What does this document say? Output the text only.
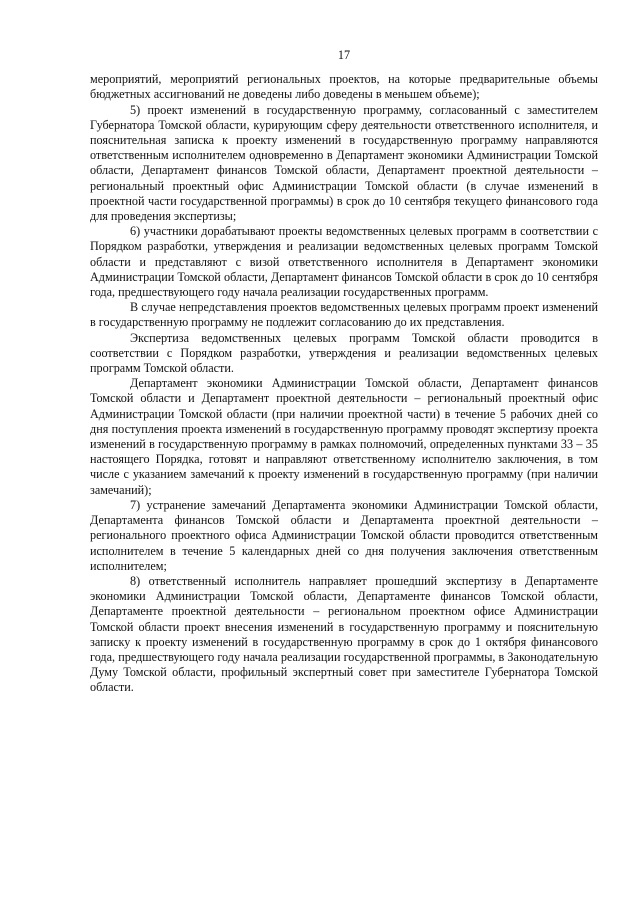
17

мероприятий, мероприятий региональных проектов, на которые предварительные объемы бюджетных ассигнований не доведены либо доведены в меньшем объеме);

5) проект изменений в государственную программу, согласованный с заместителем Губернатора Томской области, курирующим сферу деятельности ответственного исполнителя, и пояснительная записка к проекту изменений в государственную программу направляются ответственным исполнителем одновременно в Департамент экономики Администрации Томской области, Департамент финансов Томской области, Департамент проектной деятельности – региональный проектный офис Администрации Томской области (в случае изменений в проектной части государственной программы) в срок до 10 сентября текущего финансового года для проведения экспертизы;

6) участники дорабатывают проекты ведомственных целевых программ в соответствии с Порядком разработки, утверждения и реализации ведомственных целевых программ Томской области и представляют с визой ответственного исполнителя в Департамент экономики Администрации Томской области, Департамент финансов Томской области в срок до 10 сентября года, предшествующего году начала реализации государственных программ.

В случае непредставления проектов ведомственных целевых программ проект изменений в государственную программу не подлежит согласованию до их представления.

Экспертиза ведомственных целевых программ Томской области проводится в соответствии с Порядком разработки, утверждения и реализации ведомственных целевых программ Томской области.

Департамент экономики Администрации Томской области, Департамент финансов Томской области и Департамент проектной деятельности – региональный проектный офис Администрации Томской области (при наличии проектной части) в течение 5 рабочих дней со дня поступления проекта изменений в государственную программу проводят экспертизу проекта изменений в государственную программу в рамках полномочий, определенных пунктами 33 – 35 настоящего Порядка, готовят и направляют ответственному исполнителю заключения, в том числе с указанием замечаний к проекту изменений в государственную программу (при наличии замечаний);

7) устранение замечаний Департамента экономики Администрации Томской области, Департамента финансов Томской области и Департамента проектной деятельности – регионального проектного офиса Администрации Томской области проводится ответственным исполнителем в течение 5 календарных дней со дня получения заключения ответственным исполнителем;

8) ответственный исполнитель направляет прошедший экспертизу в Департаменте экономики Администрации Томской области, Департаменте финансов Томской области, Департаменте проектной деятельности – региональном проектном офисе Администрации Томской области проект внесения изменений в государственную программу и пояснительную записку к проекту изменений в государственную программу в срок до 1 октября финансового года, предшествующего году начала реализации государственной программы, в Законодательную Думу Томской области, профильный экспертный совет при заместителе Губернатора Томской области.
